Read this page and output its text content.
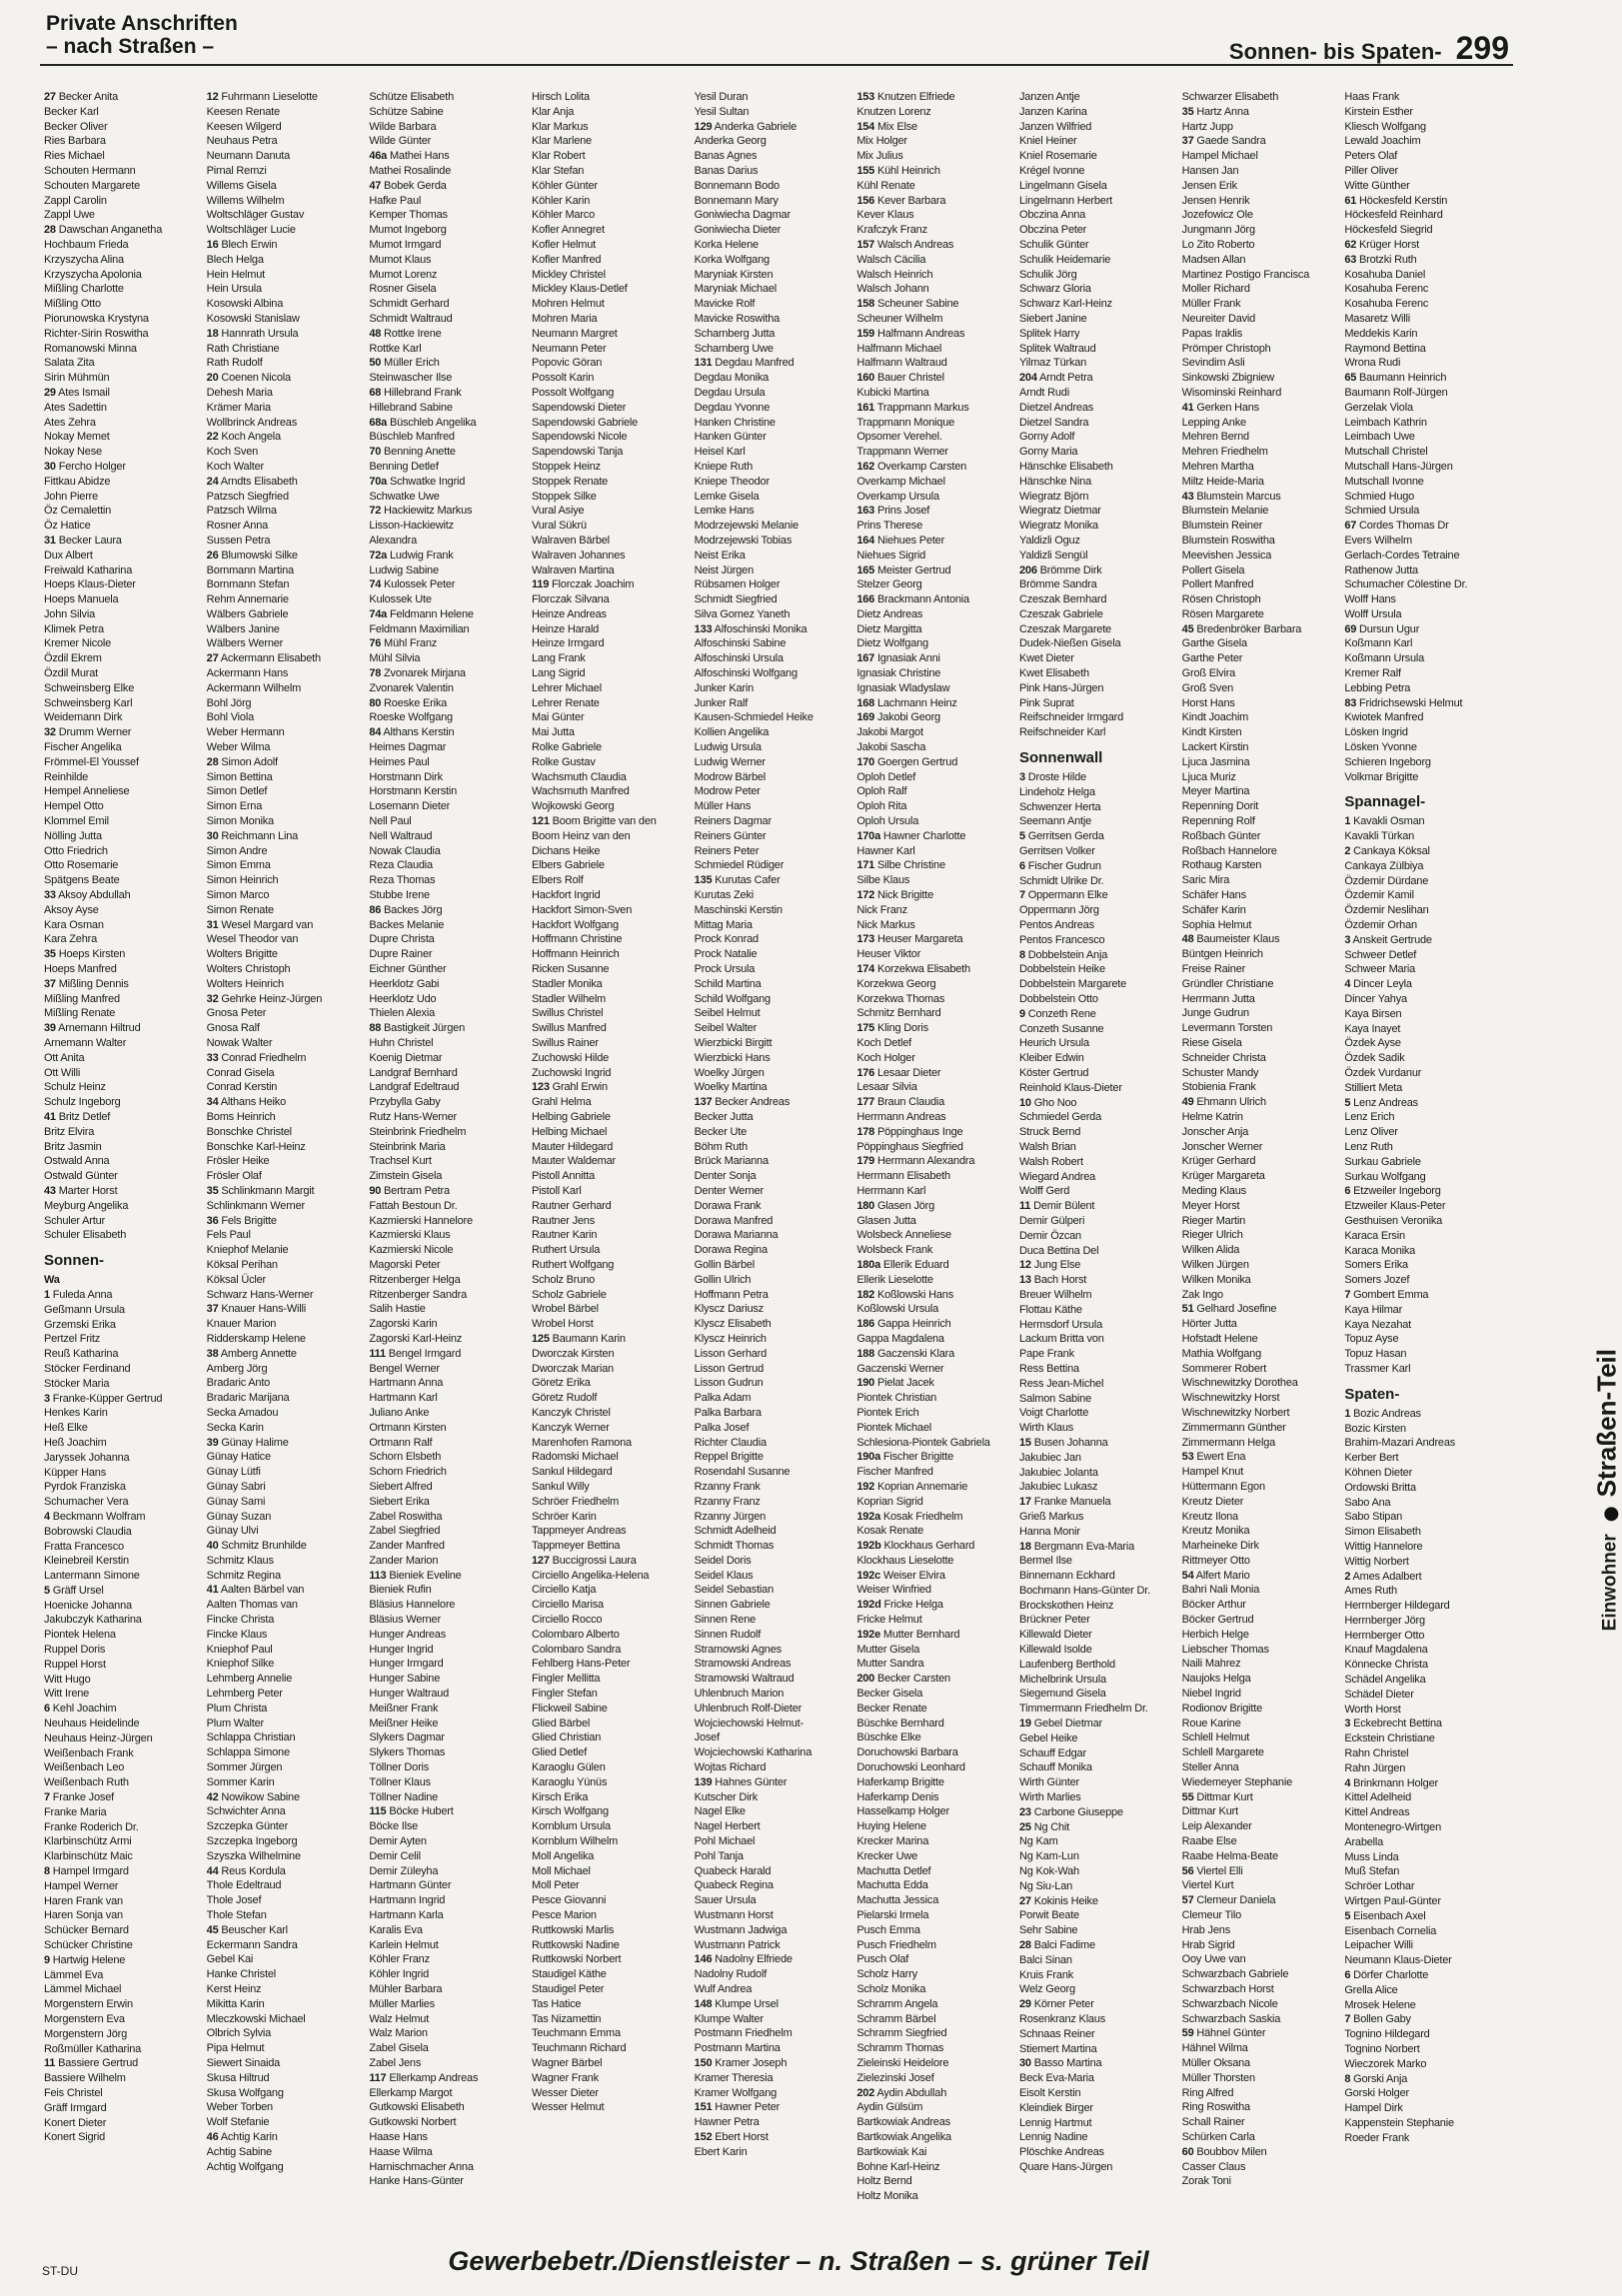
Private Anschriften
– nach Straßen –	Sonnen- bis Spaten- 299
27 Becker Anita
Becker Karl
Becker Oliver
Ries Barbara
Ries Michael
Schouten Hermann
Schouten Margarete
Zappl Carolin
Zappl Uwe
28 Dawschan Anganetha
Hochbaum Frieda
Krzyszycha Alina
Krzyszycha Apolonia
Mißling Charlotte
Mißling Otto
Piorunowska Krystyna
Richter-Sirin Roswitha
Romanowski Minna
Salata Zita
Sirin Mühmün
29 Ates Ismail
Ates Sadettin
Ates Zehra
Nokay Memet
Nokay Nese
30 Fercho Holger
Fittkau Abidze
John Pierre
Öz Cemalettin
Öz Hatice
31 Becker Laura
Dux Albert
Freiwald Katharina
Hoeps Klaus-Dieter
Hoeps Manuela
John Silvia
Klimek Petra
Kremer Nicole
Özdil Ekrem
Özdil Murat
Schweinsberg Elke
Schweinsberg Karl
Weidemann Dirk
32 Drumm Werner
Fischer Angelika
Frömmel-El Youssef
Reinhilde
Hempel Anneliese
Hempel Otto
Klommel Emil
Nölling Jutta
Otto Friedrich
Otto Rosemarie
Spätgens Beate
33 Aksoy Abdullah
Aksoy Ayse
Kara Osman
Kara Zehra
35 Hoeps Kirsten
Hoeps Manfred
37 Mißling Dennis
Mißling Manfred
Mißling Renate
39 Arnemann Hiltrud
Arnemann Walter
Ott Anita
Ott Willi
Schulz Heinz
Schulz Ingeborg
41 Britz Detlef
Britz Elvira
Britz Jasmin
Ostwald Anna
Ostwald Günter
43 Marter Horst
Meyburg Angelika
Schuler Artur
Schuler Elisabeth
Sonnen-
Wa
1 Fuleda Anna
Geßmann Ursula
Grzemski Erika
Pertzel Fritz
Reuß Katharina
Stöcker Ferdinand
Stöcker Maria
3 Franke-Küpper Gertrud
Henkes Karin
Heß Elke
Heß Joachim
Jaryssek Johanna
Küpper Hans
Pyrdok Franziska
Schumacher Vera
4 Beckmann Wolfram
Bobrowski Claudia
Fratta Francesco
Kleinebreil Kerstin
Lantermann Simone
5 Gräff Ursel
Hoenicke Johanna
Jakubczyk Katharina
Piontek Helena
Ruppel Doris
Ruppel Horst
Witt Hugo
Witt Irene
6 Kehl Joachim
Neuhaus Heidelinde
Neuhaus Heinz-Jürgen
Weißenbach Frank
Weißenbach Leo
Weißenbach Ruth
7 Franke Josef
Franke Maria
Franke Roderich Dr.
Klarbinschütz Armi
Klarbinschütz Maic
8 Hampel Irmgard
Hampel Werner
Haren Frank van
Haren Sonja van
Schücker Bernard
Schücker Christine
9 Hartwig Helene
Lämmel Eva
Lämmel Michael
Morgenstern Erwin
Morgenstern Eva
Morgenstern Jörg
Roßmüller Katharina
11 Bassiere Gertrud
Bassiere Wilhelm
Feis Christel
Gräff Irmgard
Konert Dieter
Konert Sigrid
12 Fuhrmann Lieselotte
Keesen Renate
Keesen Wilgerd
Neuhaus Petra
Neumann Danuta
Pirnal Remzi
Willems Gisela
Willems Wilhelm
Woltschläger Gustav
Woltschläger Lucie
16 Blech Erwin
Blech Helga
Hein Helmut
Hein Ursula
Kosowski Albina
Kosowski Stanislaw
18 Hannrath Ursula
Rath Christiane
Rath Rudolf
20 Coenen Nicola
Dehesh Maria
Krämer Maria
Wollbrinck Andreas
22 Koch Angela
Koch Sven
Koch Walter
24 Arndts Elisabeth
Patzsch Siegfried
Patzsch Wilma
Rosner Anna
Sussen Petra
26 Blumowski Silke
Bornmann Martina
Bornmann Stefan
Rehm Annemarie
Wälbers Gabriele
Wälbers Janine
Wälbers Werner
27 Ackermann Elisabeth
Ackermann Hans
Ackermann Wilhelm
Bohl Jörg
Bohl Viola
Weber Hermann
Weber Wilma
28 Simon Adolf
Simon Bettina
Simon Detlef
Simon Erna
Simon Monika
30 Reichmann Lina
Simon Andre
Simon Emma
Simon Heinrich
Simon Marco
Simon Renate
31 Wesel Margard van
Wesel Theodor van
Wolters Brigitte
Wolters Christoph
Wolters Heinrich
32 Gehrke Heinz-Jürgen
Gnosa Peter
Gnosa Ralf
Nowak Walter
33 Conrad Friedhelm
Conrad Gisela
Conrad Kerstin
34 Althans Heiko
Boms Heinrich
Bonschke Christel
Bonschke Karl-Heinz
Frösler Heike
Frösler Olaf
35 Schlinkmann Margit
Schlinkmann Werner
36 Fels Brigitte
Fels Paul
Kniephof Melanie
Köksal Perihan
Köksal Ücler
Schwarz Hans-Werner
37 Knauer Hans-Willi
Knauer Marion
Ridderskamp Helene
38 Amberg Annette
Amberg Jörg
Bradaric Anto
Bradaric Marijana
Secka Amadou
Secka Karin
39 Günay Halime
Günay Hatice
Günay Lütfi
Günay Sabri
Günay Sami
Günay Suzan
Günay Ulvi
40 Schmitz Brunhilde
Schmitz Klaus
Schmitz Regina
41 Aalten Bärbel van
Aalten Thomas van
Fincke Christa
Fincke Klaus
Kniephof Paul
Kniephof Silke
Lehmberg Annelie
Lehmberg Peter
Plum Christa
Plum Walter
Schlappa Christian
Schlappa Simone
Sommer Jürgen
Sommer Karin
42 Nowikow Sabine
Schwichter Anna
Szczepka Günter
Szczepka Ingeborg
Szyszka Wilhelmine
44 Reus Kordula
Thole Edeltraud
Thole Josef
Thole Stefan
45 Beuscher Karl
Eckermann Sandra
Gebel Kai
Hanke Christel
Kerst Heinz
Mikitta Karin
Mleczkowski Michael
Olbrich Sylvia
Pipa Helmut
Siewert Sinaida
Skusa Hiltrud
Skusa Wolfgang
Weber Torben
Wolf Stefanie
46 Achtig Karin
Achtig Sabine
Achtig Wolfgang
Schütze Elisabeth
Schütze Sabine
Wilde Barbara
Wilde Günter
46a Mathei Hans
Mathei Rosalinde
47 Bobek Gerda
Hafke Paul
Kemper Thomas
Mumot Ingeborg
Mumot Irmgard
Mumot Klaus
Mumot Lorenz
Rosner Gisela
Schmidt Gerhard
Schmidt Waltraud
48 Rottke Irene
Rottke Karl
50 Müller Erich
Steinwascher Ilse
68 Hillebrand Frank
Hillebrand Sabine
68a Büschleb Angelika
Büschleb Manfred
70 Benning Anette
Benning Detlef
70a Schwatke Ingrid
Schwatke Uwe
72 Hackiewitz Markus
Lisson-Hackiewitz
Alexandra
72a Ludwig Frank
Ludwig Sabine
74 Kulossek Peter
Kulossek Ute
74a Feldmann Helene
Feldmann Maximilian
76 Mühl Franz
Mühl Silvia
78 Zvonarek Mirjana
Zvonarek Valentin
80 Roeske Erika
Roeske Wolfgang
84 Althans Kerstin
Heimes Dagmar
Heimes Paul
Horstmann Dirk
Horstmann Kerstin
Losemann Dieter
Nell Paul
Nell Waltraud
Nowak Claudia
Reza Claudia
Reza Thomas
Stubbe Irene
86 Backes Jörg
Backes Melanie
Dupre Christa
Dupre Rainer
Eichner Günther
Heerklotz Gabi
Heerklotz Udo
Thielen Alexia
88 Bastigkeit Jürgen
Huhn Christel
Koenig Dietmar
Landgraf Bernhard
Landgraf Edeltraud
Przybylla Gaby
Rutz Hans-Werner
Steinbrink Friedhelm
Steinbrink Maria
Trachsel Kurt
Zimstein Gisela
90 Bertram Petra
Fattah Bestoun Dr.
Kazmierski Hannelore
Kazmierski Klaus
Kazmierski Nicole
Magorski Peter
Ritzenberger Helga
Ritzenberger Sandra
Salih Hastie
Zagorski Karin
Zagorski Karl-Heinz
111 Bengel Irmgard
Bengel Werner
Hartmann Anna
Hartmann Karl
Juliano Anke
Ortmann Kirsten
Ortmann Ralf
Schorn Elsbeth
Schorn Friedrich
Siebert Alfred
Siebert Erika
Zabel Roswitha
Zabel Siegfried
Zander Manfred
Zander Marion
113 Bieniek Eveline
Bieniek Rufin
Bläsius Hannelore
Bläsius Werner
Hunger Andreas
Hunger Ingrid
Hunger Irmgard
Hunger Sabine
Hunger Waltraud
Meißner Frank
Meißner Heike
Slykers Dagmar
Slykers Thomas
Töllner Doris
Töllner Klaus
Töllner Nadine
115 Böcke Hubert
Böcke Ilse
Demir Ayten
Demir Celil
Demir Züleyha
Hartmann Günter
Hartmann Ingrid
Hartmann Karla
Karalis Eva
Karlein Helmut
Köhler Franz
Köhler Ingrid
Mühler Barbara
Müller Marlies
Walz Helmut
Walz Marion
Zabel Gisela
Zabel Jens
117 Ellerkamp Andreas
Ellerkamp Margot
Gutkowski Elisabeth
Gutkowski Norbert
Haase Hans
Haase Wilma
Harnischmacher Anna
Hanke Hans-Günter
Hirsch Lolita
Klar Anja
Klar Markus
Klar Marlene
Klar Robert
Klar Stefan
Köhler Günter
Köhler Karin
Köhler Marco
Kofler Annegret
Kofler Helmut
Kofler Manfred
Mickley Christel
Mickley Klaus-Detlef
Mohren Helmut
Mohren Maria
Neumann Margret
Neumann Peter
Popovic Göran
Possolt Karin
Possolt Wolfgang
Sapendowski Dieter
Sapendowski Gabriele
Sapendowski Nicole
Sapendowski Tanja
Stoppek Heinz
Stoppek Renate
Stoppek Silke
Vural Asiye
Vural Sükrü
Walraven Bärbel
Walraven Johannes
Walraven Martina
119 Florczak Joachim
Florczak Silvana
Heinze Andreas
Heinze Harald
Heinze Irmgard
Lang Frank
Lang Sigrid
Lehrer Michael
Lehrer Renate
Mai Günter
Mai Jutta
Rolke Gabriele
Rolke Gustav
Wachsmuth Claudia
Wachsmuth Manfred
Wojkowski Georg
121 Boom Brigitte van den
Boom Heinz van den
Dichans Heike
Elbers Gabriele
Elbers Rolf
Hackfort Ingrid
Hackfort Simon-Sven
Hackfort Wolfgang
Hoffmann Christine
Hoffmann Heinrich
Ricken Susanne
Stadler Monika
Stadler Wilhelm
Swillus Christel
Swillus Manfred
Swillus Rainer
Zuchowski Hilde
Zuchowski Ingrid
123 Grahl Erwin
Grahl Helma
Helbing Gabriele
Helbing Michael
Mauter Hildegard
Mauter Waldemar
Pistoll Annitta
Pistoll Karl
Rautner Gerhard
Rautner Jens
Rautner Karin
Ruthert Ursula
Ruthert Wolfgang
Scholz Bruno
Scholz Gabriele
Wrobel Bärbel
Wrobel Horst
125 Baumann Karin
Dworczak Kirsten
Dworczak Marian
Göretz Erika
Göretz Rudolf
Kanczyk Christel
Kanczyk Werner
Marenhofen Ramona
Radomski Michael
Sankul Hildegard
Sankul Willy
Schröer Friedhelm
Schröer Karin
Tappmeyer Andreas
Tappmeyer Bettina
127 Buccigrossi Laura
Circiello Angelika-Helena
Circiello Katja
Circiello Marisa
Circiello Rocco
Colombaro Alberto
Colombaro Sandra
Fehlberg Hans-Peter
Fingler Mellitta
Fingler Stefan
Flickweil Sabine
Glied Bärbel
Glied Christian
Glied Detlef
Karaoglu Gülen
Karaoglu Yünüs
Kirsch Erika
Kirsch Wolfgang
Kornblum Ursula
Kornblum Wilhelm
Moll Angelika
Moll Michael
Moll Peter
Pesce Giovanni
Pesce Marion
Ruttkowski Marlis
Ruttkowski Nadine
Ruttkowski Norbert
Staudigel Käthe
Staudigel Peter
Tas Hatice
Tas Nizamettin
Teuchmann Emma
Teuchmann Richard
Wagner Bärbel
Wagner Frank
Wesser Dieter
Wesser Helmut
Yesil Duran
Yesil Sultan
129 Anderka Gabriele
Anderka Georg
Banas Agnes
Banas Darius
Bonnemann Bodo
Bonnemann Mary
Goniwiecha Dagmar
Goniwiecha Dieter
Korka Helene
Korka Wolfgang
Maryniak Kirsten
Maryniak Michael
Mavicke Rolf
Mavicke Roswitha
Scharnberg Jutta
Scharnberg Uwe
131 Degdau Manfred
Degdau Monika
Degdau Ursula
Degdau Yvonne
Hanken Christine
Hanken Günter
Heisel Karl
Kniepe Ruth
Kniepe Theodor
Lemke Gisela
Lemke Hans
Modrzejewski Melanie
Modrzejewski Tobias
Neist Erika
Neist Jürgen
Rübsamen Holger
Schmidt Siegfried
Silva Gomez Yaneth
133 Alfoschinski Monika
Alfoschinski Sabine
Alfoschinski Ursula
Alfoschinski Wolfgang
Junker Karin
Junker Ralf
Kausen-Schmiedel Heike
Kollien Angelika
Ludwig Ursula
Ludwig Werner
Modrow Bärbel
Modrow Peter
Müller Hans
Reiners Dagmar
Reiners Günter
Reiners Peter
Schmiedel Rüdiger
135 Kurutas Cafer
Kurutas Zeki
Maschinski Kerstin
Mittag Maria
Prock Konrad
Prock Natalie
Prock Ursula
Schild Martina
Schild Wolfgang
Seibel Helmut
Seibel Walter
Wierzbicki Birgitt
Wierzbicki Hans
Woelky Jürgen
Woelky Martina
137 Becker Andreas
Becker Jutta
Becker Ute
Böhm Ruth
Brück Marianna
Denter Sonja
Denter Werner
Dorawa Frank
Dorawa Manfred
Dorawa Marianna
Dorawa Regina
Gollin Bärbel
Gollin Ulrich
Hoffmann Petra
Klyscz Dariusz
Klyscz Elisabeth
Klyscz Heinrich
Lisson Gerhard
Lisson Gertrud
Lisson Gudrun
Palka Adam
Palka Barbara
Palka Josef
Richter Claudia
Reppel Brigitte
Rosendahl Susanne
Rzanny Frank
Rzanny Franz
Rzanny Jürgen
Schmidt Adelheid
Schmidt Thomas
Seidel Doris
Seidel Klaus
Seidel Sebastian
Sinnen Gabriele
Sinnen Rene
Sinnen Rudolf
Stramowski Agnes
Stramowski Andreas
Stramowski Waltraud
Uhlenbruch Marion
Uhlenbruch Rolf-Dieter
Wojciechowski Helmut-
Josef
Wojciechowski Katharina
Wojtas Richard
139 Hahnes Günter
Kutscher Dirk
Nagel Elke
Nagel Herbert
Pohl Michael
Pohl Tanja
Quabeck Harald
Quabeck Regina
Sauer Ursula
Wustmann Horst
Wustmann Jadwiga
Wustmann Patrick
146 Nadolny Elfriede
Nadolny Rudolf
Wulf Andrea
148 Klumpe Ursel
Klumpe Walter
Postmann Friedhelm
Postmann Martina
150 Kramer Joseph
Kramer Theresia
Kramer Wolfgang
151 Hawner Peter
Hawner Petra
152 Ebert Horst
Ebert Karin
153 Knutzen Elfriede
Knutzen Lorenz
154 Mix Else
Mix Holger
Mix Julius
155 Kühl Heinrich
Kühl Renate
156 Kever Barbara
Kever Klaus
Krafczyk Franz
157 Walsch Andreas
Walsch Cäcilia
Walsch Heinrich
Walsch Johann
158 Scheuner Sabine
Scheuner Wilhelm
159 Halfmann Andreas
Halfmann Michael
Halfmann Waltraud
160 Bauer Christel
Kubicki Martina
161 Trappmann Markus
Trappmann Monique
Opsomer Verehel.
Trappmann Werner
162 Overkamp Carsten
Overkamp Michael
Overkamp Ursula
163 Prins Josef
Prins Therese
164 Niehues Peter
Niehues Sigrid
165 Meister Gertrud
Stelzer Georg
166 Brackmann Antonia
Dietz Andreas
Dietz Margitta
Dietz Wolfgang
167 Ignasiak Anni
Ignasiak Christine
Ignasiak Wladyslaw
168 Lachmann Heinz
169 Jakobi Georg
Jakobi Margot
Jakobi Sascha
170 Goergen Gertrud
Oploh Detlef
Oploh Ralf
Oploh Rita
Oploh Ursula
170a Hawner Charlotte
Hawner Karl
171 Silbe Christine
Silbe Klaus
172 Nick Brigitte
Nick Franz
Nick Markus
173 Heuser Margareta
Heuser Viktor
174 Korzekwa Elisabeth
Korzekwa Georg
Korzekwa Thomas
Schmitz Bernhard
175 Kling Doris
Koch Detlef
Koch Holger
176 Lesaar Dieter
Lesaar Silvia
177 Braun Claudia
Herrmann Andreas
178 Pöppinghaus Inge
Pöppinghaus Siegfried
179 Herrmann Alexandra
Herrmann Elisabeth
Herrmann Karl
180 Glasen Jörg
Glasen Jutta
Wolsbeck Anneliese
Wolsbeck Frank
180a Ellerik Eduard
Ellerik Lieselotte
182 Koßlowski Hans
Koßlowski Ursula
186 Gappa Heinrich
Gappa Magdalena
188 Gaczenski Klara
Gaczenski Werner
190 Pielat Jacek
Piontek Christian
Piontek Erich
Piontek Michael
Schlesiona-Piontek Gabriela
190a Fischer Brigitte
Fischer Manfred
192 Koprian Annemarie
Koprian Sigrid
192a Kosak Friedhelm
Kosak Renate
192b Klockhaus Gerhard
Klockhaus Lieselotte
192c Weiser Elvira
Weiser Winfried
192d Fricke Helga
Fricke Helmut
192e Mutter Bernhard
Mutter Gisela
Mutter Sandra
200 Becker Carsten
Becker Gisela
Becker Renate
Büschke Bernhard
Büschke Elke
Doruchowski Barbara
Doruchowski Leonhard
Haferkamp Brigitte
Haferkamp Denis
Hasselkamp Holger
Huying Helene
Krecker Marina
Krecker Uwe
Machutta Detlef
Machutta Edda
Machutta Jessica
Pielarski Irmela
Pusch Emma
Pusch Friedhelm
Pusch Olaf
Scholz Harry
Scholz Monika
Schramm Angela
Schramm Bärbel
Schramm Siegfried
Schramm Thomas
Zieleinski Heidelore
Zielezinski Josef
202 Aydin Abdullah
Aydin Gülsüm
Bartkowiak Andreas
Bartkowiak Angelika
Bartkowiak Kai
Bohne Karl-Heinz
Holtz Bernd
Holtz Monika
Janzen Antje
Janzen Karina
Janzen Wilfried
Kniel Heiner
Kniel Rosemarie
Krégel Ivonne
Lingelmann Gisela
Lingelmann Herbert
Obczina Anna
Obczina Peter
Schulik Günter
Schulik Heidemarie
Schulik Jörg
Schwarz Gloria
Schwarz Karl-Heinz
Siebert Janine
Splitek Harry
Splitek Waltraud
Yilmaz Türkan
204 Arndt Petra
Arndt Rudi
Dietzel Andreas
Dietzel Sandra
Gorny Adolf
Gorny Maria
Hänschke Elisabeth
Hänschke Nina
Wiegratz Björn
Wiegratz Dietmar
Wiegratz Monika
Yaldizli Oguz
Yaldizli Sengül
206 Brömme Dirk
Brömme Sandra
Czeszak Bernhard
Czeszak Gabriele
Czeszak Margarete
Dudek-Nießen Gisela
Kwet Dieter
Kwet Elisabeth
Pink Hans-Jürgen
Pink Suprat
Reifschneider Irmgard
Reifschneider Karl
Sonnenwall
3 Droste Hilde
Lindeholz Helga
Schwenzer Herta
Seemann Antje
5 Gerritsen Gerda
Gerritsen Volker
6 Fischer Gudrun
Schmidt Ulrike Dr.
7 Oppermann Elke
Oppermann Jörg
Pentos Andreas
Pentos Francesco
8 Dobbelstein Anja
Dobbelstein Heike
Dobbelstein Margarete
Dobbelstein Otto
9 Conzeth Rene
Conzeth Susanne
Heurich Ursula
Kleiber Edwin
Köster Gertrud
Reinhold Klaus-Dieter
10 Gho Noo
Schmiedel Gerda
Struck Bernd
Walsh Brian
Walsh Robert
Wiegard Andrea
Wolff Gerd
11 Demir Bülent
Demir Gülperi
Demir Özcan
Duca Bettina Del
12 Jung Else
13 Bach Horst
Breuer Wilhelm
Flottau Käthe
Hermsdorf Ursula
Lackum Britta von
Pape Frank
Ress Bettina
Ress Jean-Michel
Salmon Sabine
Voigt Charlotte
Wirth Klaus
15 Busen Johanna
Jakubiec Jan
Jakubiec Jolanta
Jakubiec Lukasz
17 Franke Manuela
Grieß Markus
Hanna Monir
18 Bergmann Eva-Maria
Bermel Ilse
Binnemann Eckhard
Bochmann Hans-Günter Dr.
Brockskothen Heinz
Brückner Peter
Killewald Dieter
Killewald Isolde
Laufenberg Berthold
Michelbrink Ursula
Siegemund Gisela
Timmermann Friedhelm Dr.
19 Gebel Dietmar
Gebel Heike
Schauff Edgar
Schauff Monika
Wirth Günter
Wirth Marlies
23 Carbone Giuseppe
25 Ng Chit
Ng Kam
Ng Kam-Lun
Ng Kok-Wah
Ng Siu-Lan
27 Kokinis Heike
Porwit Beate
Sehr Sabine
28 Balci Fadime
Balci Sinan
Kruis Frank
Welz Georg
29 Körner Peter
Rosenkranz Klaus
Schnaas Reiner
Stiemert Martina
30 Basso Martina
Beck Eva-Maria
Eisolt Kerstin
Kleindiek Birger
Lennig Hartmut
Lennig Nadine
Plöschke Andreas
Quare Hans-Jürgen
Schwarzer Elisabeth
35 Hartz Anna
Hartz Jupp
37 Gaede Sandra
Hampel Michael
Hansen Jan
Jensen Erik
Jensen Henrik
Jozefowicz Ole
Jungmann Jörg
Lo Zito Roberto
Madsen Allan
Martinez Postigo Francisca
Moller Richard
Müller Frank
Neureiter David
Papas Iraklis
Prömper Christoph
Sevindim Asli
Sinkowski Zbigniew
Wisominski Reinhard
41 Gerken Hans
Lepping Anke
Mehren Bernd
Mehren Friedhelm
Mehren Martha
Miltz Heide-Maria
43 Blumstein Marcus
Blumstein Melanie
Blumstein Reiner
Blumstein Roswitha
Meevishen Jessica
Pollert Gisela
Pollert Manfred
Rösen Christoph
Rösen Margarete
45 Bredenbröker Barbara
Garthe Gisela
Garthe Peter
Groß Elvira
Groß Sven
Horst Hans
Kindt Joachim
Kindt Kirsten
Lackert Kirstin
Ljuca Jasmina
Ljuca Muriz
Meyer Martina
Repenning Dorit
Repenning Rolf
Roßbach Günter
Roßbach Hannelore
Rothaug Karsten
Saric Mira
Schäfer Hans
Schäfer Karin
Sophia Helmut
48 Baumeister Klaus
Büntgen Heinrich
Freise Rainer
Gründler Christiane
Herrmann Jutta
Junge Gudrun
Levermann Torsten
Riese Gisela
Schneider Christa
Schuster Mandy
Stobienia Frank
49 Ehmann Ulrich
Helme Katrin
Jonscher Anja
Jonscher Werner
Krüger Gerhard
Krüger Margareta
Meding Klaus
Meyer Horst
Rieger Martin
Rieger Ulrich
Wilken Alida
Wilken Jürgen
Wilken Monika
Zak Ingo
51 Gelhard Josefine
Hörter Jutta
Hofstadt Helene
Mathia Wolfgang
Sommerer Robert
Wischnewitzky Dorothea
Wischnewitzky Horst
Wischnewitzky Norbert
Zimmermann Günther
Zimmermann Helga
53 Ewert Ena
Hampel Knut
Hüttermann Egon
Kreutz Dieter
Kreutz Ilona
Kreutz Monika
Marheineke Dirk
Rittmeyer Otto
54 Alfert Mario
Bahri Nali Monia
Böcker Arthur
Böcker Gertrud
Herbich Helge
Liebscher Thomas
Naili Mahrez
Naujoks Helga
Niebel Ingrid
Rodionov Brigitte
Roue Karine
Schlell Helmut
Schlell Margarete
Steller Anna
Wiedemeyer Stephanie
55 Dittmar Kurt
Dittmar Kurt
Leip Alexander
Raabe Else
Raabe Helma-Beate
56 Viertel Elli
Viertel Kurt
57 Clemeur Daniela
Clemeur Tilo
Hrab Jens
Hrab Sigrid
Ooy Uwe van
Schwarzbach Gabriele
Schwarzbach Horst
Schwarzbach Nicole
Schwarzbach Saskia
59 Hähnel Günter
Hähnel Wilma
Müller Oksana
Müller Thorsten
Ring Alfred
Ring Roswitha
Schall Rainer
Schürken Carla
60 Boubbov Milen
Casser Claus
Zorak Toni
Haas Frank
Kirstein Esther
Kliesch Wolfgang
Lewald Joachim
Peters Olaf
Piller Oliver
Witte Günther
61 Höckesfeld Kerstin
Höckesfeld Reinhard
Höckesfeld Siegrid
62 Krüger Horst
63 Brotzki Ruth
Kosahuba Daniel
Kosahuba Ferenc
Kosahuba Ferenc
Masaretz Willi
Meddekis Karin
Raymond Bettina
Wrona Rudi
65 Baumann Heinrich
Baumann Rolf-Jürgen
Gerzelak Viola
Leimbach Kathrin
Leimbach Uwe
Mutschall Christel
Mutschall Hans-Jürgen
Mutschall Ivonne
Schmied Hugo
Schmied Ursula
67 Cordes Thomas Dr
Evers Wilhelm
Gerlach-Cordes Tetraine
Rathenow Jutta
Schumacher Cölestine Dr.
Wolff Hans
Wolff Ursula
69 Dursun Ugur
Koßmann Karl
Koßmann Ursula
Kremer Ralf
Lebbing Petra
83 Fridrichsewski Helmut
Kwiotek Manfred
Lösken Ingrid
Lösken Yvonne
Schieren Ingeborg
Volkmar Brigitte
Spannagel-
1 Kavakli Osman
Kavakli Türkan
2 Cankaya Köksal
Cankaya Zülbiya
Özdemir Dürdane
Özdemir Kamil
Özdemir Neslihan
Özdemir Orhan
3 Anskeit Gertrude
Schweer Detlef
Schweer Maria
4 Dincer Leyla
Dincer Yahya
Kaya Birsen
Kaya Inayet
Özdek Ayse
Özdek Sadik
Özdek Vurdanur
Stilliert Meta
5 Lenz Andreas
Lenz Erich
Lenz Oliver
Lenz Ruth
Surkau Gabriele
Surkau Wolfgang
6 Etzweiler Ingeborg
Etzweiler Klaus-Peter
Gesthuisen Veronika
Karaca Ersin
Karaca Monika
Somers Erika
Somers Jozef
7 Gombert Emma
Kaya Hilmar
Kaya Nezahat
Topuz Ayse
Topuz Hasan
Trassmer Karl
Spaten-
1 Bozic Andreas
Bozic Kirsten
Brahim-Mazari Andreas
Kerber Bert
Köhnen Dieter
Ordowski Britta
Sabo Ana
Sabo Stipan
Simon Elisabeth
Wittig Hannelore
Wittig Norbert
2 Ames Adalbert
Ames Ruth
Herrnberger Hildegard
Herrnberger Jörg
Herrnberger Otto
Knauf Magdalena
Könnecke Christa
Schädel Angelika
Schädel Dieter
Worth Horst
3 Eckebrecht Bettina
Eckstein Christiane
Rahn Christel
Rahn Jürgen
4 Brinkmann Holger
Kittel Adelheid
Kittel Andreas
Montenegro-Wirtgen
Arabella
Muss Linda
Muß Stefan
Schröer Lothar
Wirtgen Paul-Günter
5 Eisenbach Axel
Eisenbach Cornelia
Leipacher Willi
Neumann Klaus-Dieter
6 Dörfer Charlotte
Grella Alice
Mrosek Helene
7 Bollen Gaby
Tognino Hildegard
Tognino Norbert
Wieczorek Marko
8 Gorski Anja
Gorski Holger
Hampel Dirk
Kappenstein Stephanie
Roeder Frank
Einwohner  Straßen-Teil
Gewerbebetr./Dienstleister – n. Straßen – s. grüner Teil
ST-DU
